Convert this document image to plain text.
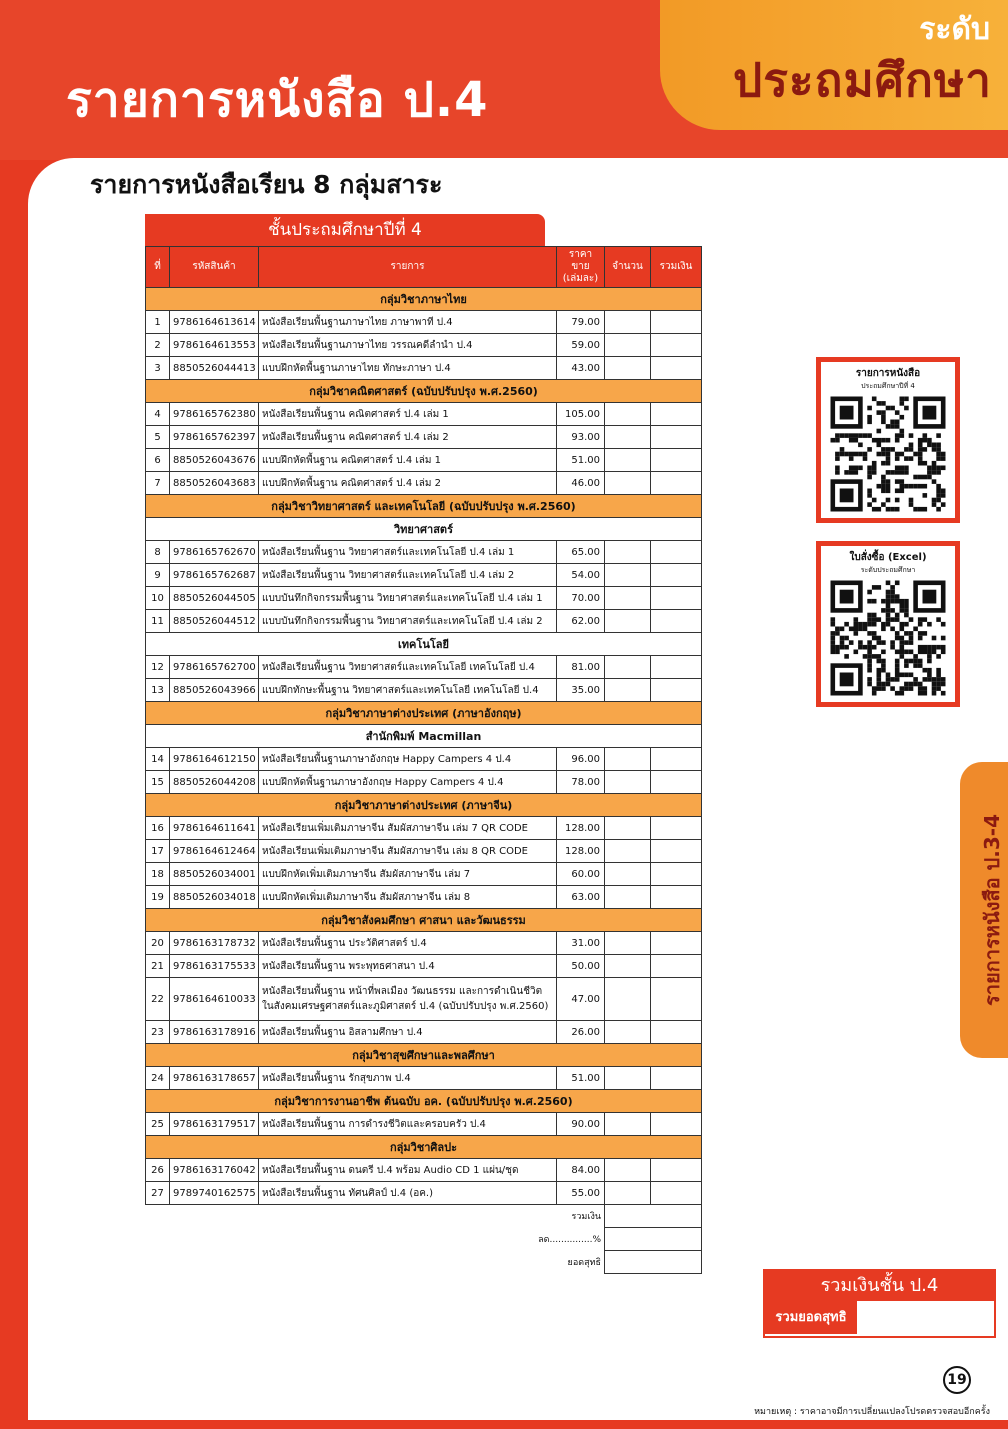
ระดับ
ประถมศึกษา
รายการหนังสือ ป.4
รายการหนังสือเรียน 8 กลุ่มสาระ
ชั้นประถมศึกษาปีที่ 4
ที่	รหัสสินค้า	รายการ	ราคาขาย (เล่มละ)	จำนวน	รวมเงิน
กลุ่มวิชาภาษาไทย					
1	9786164613614	หนังสือเรียนพื้นฐานภาษาไทย ภาษาพาที ป.4	79.00		
2	9786164613553	หนังสือเรียนพื้นฐานภาษาไทย วรรณคดีลำนำ ป.4	59.00		
3	8850526044413	แบบฝึกหัดพื้นฐานภาษาไทย ทักษะภาษา ป.4	43.00		
กลุ่มวิชาคณิตศาสตร์ (ฉบับปรับปรุง พ.ศ.2560)					
4	9786165762380	หนังสือเรียนพื้นฐาน คณิตศาสตร์ ป.4 เล่ม 1	105.00		
5	9786165762397	หนังสือเรียนพื้นฐาน คณิตศาสตร์ ป.4 เล่ม 2	93.00		
6	8850526043676	แบบฝึกหัดพื้นฐาน คณิตศาสตร์ ป.4 เล่ม 1	51.00		
7	8850526043683	แบบฝึกหัดพื้นฐาน คณิตศาสตร์ ป.4 เล่ม 2	46.00		
กลุ่มวิชาวิทยาศาสตร์ และเทคโนโลยี (ฉบับปรับปรุง พ.ศ.2560)					
วิทยาศาสตร์					
8	9786165762670	หนังสือเรียนพื้นฐาน วิทยาศาสตร์และเทคโนโลยี ป.4 เล่ม 1	65.00		
9	9786165762687	หนังสือเรียนพื้นฐาน วิทยาศาสตร์และเทคโนโลยี ป.4 เล่ม 2	54.00		
10	8850526044505	แบบบันทึกกิจกรรมพื้นฐาน วิทยาศาสตร์และเทคโนโลยี ป.4 เล่ม 1	70.00		
11	8850526044512	แบบบันทึกกิจกรรมพื้นฐาน วิทยาศาสตร์และเทคโนโลยี ป.4 เล่ม 2	62.00		
เทคโนโลยี					
12	9786165762700	หนังสือเรียนพื้นฐาน วิทยาศาสตร์และเทคโนโลยี เทคโนโลยี ป.4	81.00		
13	8850526043966	แบบฝึกทักษะพื้นฐาน วิทยาศาสตร์และเทคโนโลยี เทคโนโลยี ป.4	35.00		
กลุ่มวิชาภาษาต่างประเทศ (ภาษาอังกฤษ)					
สำนักพิมพ์ Macmillan					
14	9786164612150	หนังสือเรียนพื้นฐานภาษาอังกฤษ Happy Campers 4 ป.4	96.00		
15	8850526044208	แบบฝึกหัดพื้นฐานภาษาอังกฤษ Happy Campers 4 ป.4	78.00		
กลุ่มวิชาภาษาต่างประเทศ (ภาษาจีน)					
16	9786164611641	หนังสือเรียนเพิ่มเติมภาษาจีน สัมผัสภาษาจีน เล่ม 7 QR CODE	128.00		
17	9786164612464	หนังสือเรียนเพิ่มเติมภาษาจีน สัมผัสภาษาจีน เล่ม 8 QR CODE	128.00		
18	8850526034001	แบบฝึกหัดเพิ่มเติมภาษาจีน สัมผัสภาษาจีน เล่ม 7	60.00		
19	8850526034018	แบบฝึกหัดเพิ่มเติมภาษาจีน สัมผัสภาษาจีน เล่ม 8	63.00		
กลุ่มวิชาสังคมศึกษา ศาสนา และวัฒนธรรม					
20	9786163178732	หนังสือเรียนพื้นฐาน ประวัติศาสตร์ ป.4	31.00		
21	9786163175533	หนังสือเรียนพื้นฐาน พระพุทธศาสนา ป.4	50.00		
22	9786164610033	หนังสือเรียนพื้นฐาน หน้าที่พลเมือง วัฒนธรรม และการดำเนินชีวิต ในสังคมเศรษฐศาสตร์และภูมิศาสตร์ ป.4 (ฉบับปรับปรุง พ.ศ.2560)	47.00		
23	9786163178916	หนังสือเรียนพื้นฐาน อิสลามศึกษา ป.4	26.00		
กลุ่มวิชาสุขศึกษาและพลศึกษา					
24	9786163178657	หนังสือเรียนพื้นฐาน รักสุขภาพ ป.4	51.00		
กลุ่มวิชาการงานอาชีพ ต้นฉบับ อค. (ฉบับปรับปรุง พ.ศ.2560)					
25	9786163179517	หนังสือเรียนพื้นฐาน การดำรงชีวิตและครอบครัว ป.4	90.00		
กลุ่มวิชาศิลปะ					
26	9786163176042	หนังสือเรียนพื้นฐาน ดนตรี ป.4 พร้อม Audio CD 1 แผ่น/ชุด	84.00		
27	9789740162575	หนังสือเรียนพื้นฐาน ทัศนศิลป์ ป.4 (อค.)	55.00		
รวมเงิน					
ลด...............%					
ยอดสุทธิ					
รายการหนังสือ
ประถมศึกษาปีที่ 4
ใบสั่งซื้อ (Excel)
ระดับประถมศึกษา
รายการหนังสือ ป.3-4
รวมเงินชั้น ป.4
รวมยอดสุทธิ
19
หมายเหตุ : ราคาอาจมีการเปลี่ยนแปลงโปรดตรวจสอบอีกครั้ง
